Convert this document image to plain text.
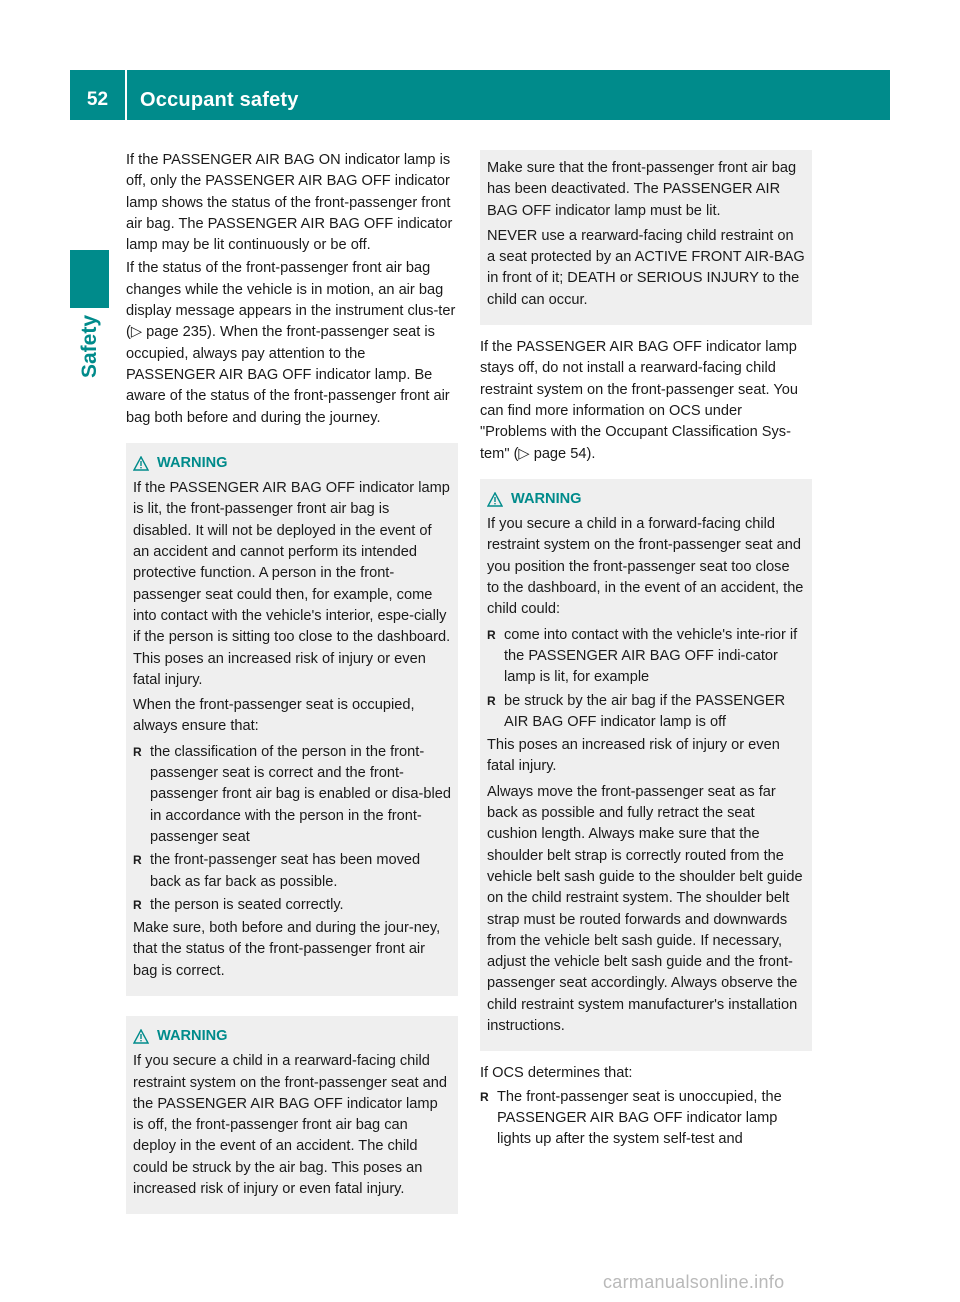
52	Occupant safety
Safety

If the PASSENGER AIR BAG ON indicator lamp is off, only the PASSENGER AIR BAG OFF indicator lamp shows the status of the front-passenger front air bag. The PASSENGER AIR BAG OFF indicator lamp may be lit continuously or be off.

If the status of the front-passenger front air bag changes while the vehicle is in motion, an air bag display message appears in the instrument clus-ter (▷ page 235). When the front-passenger seat is occupied, always pay attention to the PASSENGER AIR BAG OFF indicator lamp. Be aware of the status of the front-passenger front air bag both before and during the journey.

WARNING

If the PASSENGER AIR BAG OFF indicator lamp is lit, the front-passenger front air bag is disabled. It will not be deployed in the event of an accident and cannot perform its intended protective function. A person in the front-passenger seat could then, for example, come into contact with the vehicle's interior, espe-cially if the person is sitting too close to the dashboard. This poses an increased risk of injury or even fatal injury.

When the front-passenger seat is occupied, always ensure that:

R the classification of the person in the front-passenger seat is correct and the front-passenger front air bag is enabled or disa-bled in accordance with the person in the front-passenger seat
R the front-passenger seat has been moved back as far back as possible.
R the person is seated correctly.

Make sure, both before and during the jour-ney, that the status of the front-passenger front air bag is correct.

WARNING

If you secure a child in a rearward-facing child restraint system on the front-passenger seat and the PASSENGER AIR BAG OFF indicator lamp is off, the front-passenger front air bag can deploy in the event of an accident. The child could be struck by the air bag. This poses an increased risk of injury or even fatal injury.

Make sure that the front-passenger front air bag has been deactivated. The PASSENGER AIR BAG OFF indicator lamp must be lit.

NEVER use a rearward-facing child restraint on a seat protected by an ACTIVE FRONT AIR-BAG in front of it; DEATH or SERIOUS INJURY to the child can occur.

If the PASSENGER AIR BAG OFF indicator lamp stays off, do not install a rearward-facing child restraint system on the front-passenger seat. You can find more information on OCS under "Problems with the Occupant Classification Sys-tem" (▷ page 54).

WARNING

If you secure a child in a forward-facing child restraint system on the front-passenger seat and you position the front-passenger seat too close to the dashboard, in the event of an accident, the child could:

R come into contact with the vehicle's inte-rior if the PASSENGER AIR BAG OFF indi-cator lamp is lit, for example
R be struck by the air bag if the PASSENGER AIR BAG OFF indicator lamp is off

This poses an increased risk of injury or even fatal injury.

Always move the front-passenger seat as far back as possible and fully retract the seat cushion length. Always make sure that the shoulder belt strap is correctly routed from the vehicle belt sash guide to the shoulder belt guide on the child restraint system. The shoulder belt strap must be routed forwards and downwards from the vehicle belt sash guide. If necessary, adjust the vehicle belt sash guide and the front-passenger seat accordingly. Always observe the child restraint system manufacturer's installation instructions.

If OCS determines that:

R The front-passenger seat is unoccupied, the PASSENGER AIR BAG OFF indicator lamp lights up after the system self-test and
carmanualsonline.info
